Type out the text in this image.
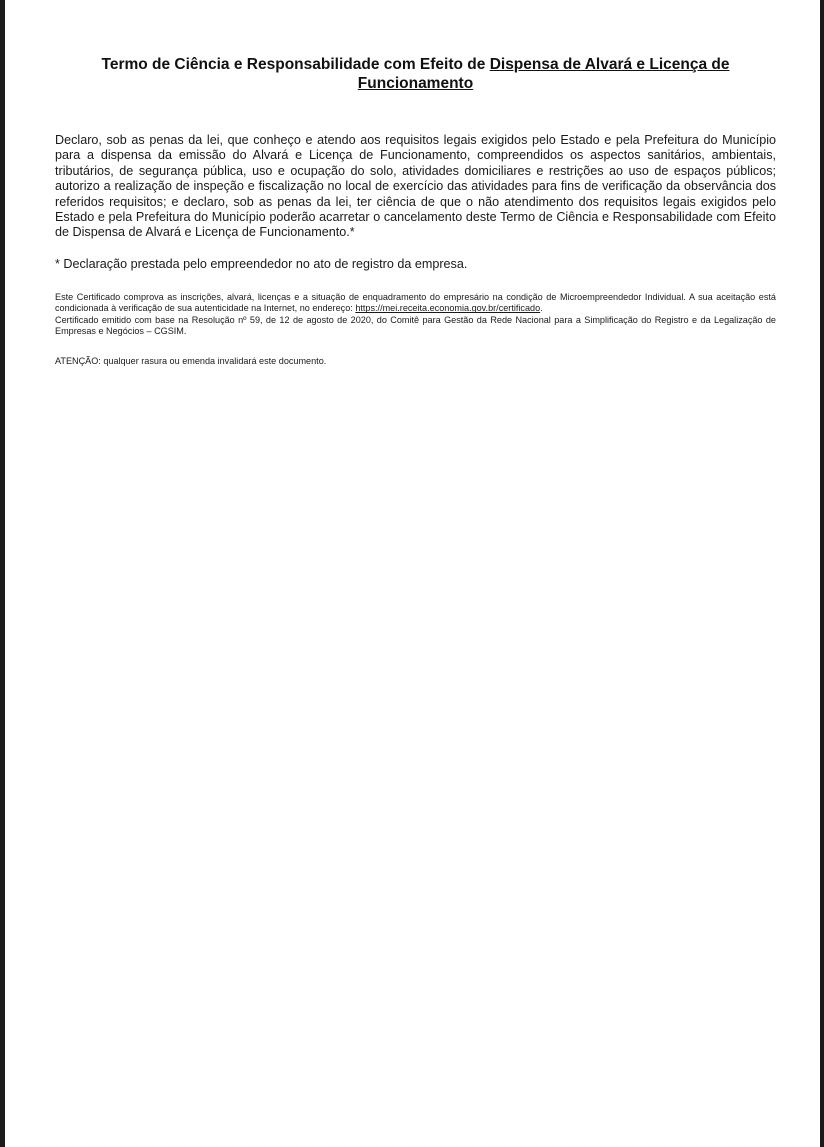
Termo de Ciência e Responsabilidade com Efeito de Dispensa de Alvará e Licença de Funcionamento

Declaro, sob as penas da lei, que conheço e atendo aos requisitos legais exigidos pelo Estado e pela Prefeitura do Município para a dispensa da emissão do Alvará e Licença de Funcionamento, compreendidos os aspectos sanitários, ambientais, tributários, de segurança pública, uso e ocupação do solo, atividades domiciliares e restrições ao uso de espaços públicos; autorizo a realização de inspeção e fiscalização no local de exercício das atividades para fins de verificação da observância dos referidos requisitos; e declaro, sob as penas da lei, ter ciência de que o não atendimento dos requisitos legais exigidos pelo Estado e pela Prefeitura do Município poderão acarretar o cancelamento deste Termo de Ciência e Responsabilidade com Efeito de Dispensa de Alvará e Licença de Funcionamento.*

* Declaração prestada pelo empreendedor no ato de registro da empresa.

Este Certificado comprova as inscrições, alvará, licenças e a situação de enquadramento do empresário na condição de Microempreendedor Individual. A sua aceitação está condicionada à verificação de sua autenticidade na Internet, no endereço: https://mei.receita.economia.gov.br/certificado.

Certificado emitido com base na Resolução nº 59, de 12 de agosto de 2020, do Comitê para Gestão da Rede Nacional para a Simplificação do Registro e da Legalização de Empresas e Negócios – CGSIM.

ATENÇÃO: qualquer rasura ou emenda invalidará este documento.
